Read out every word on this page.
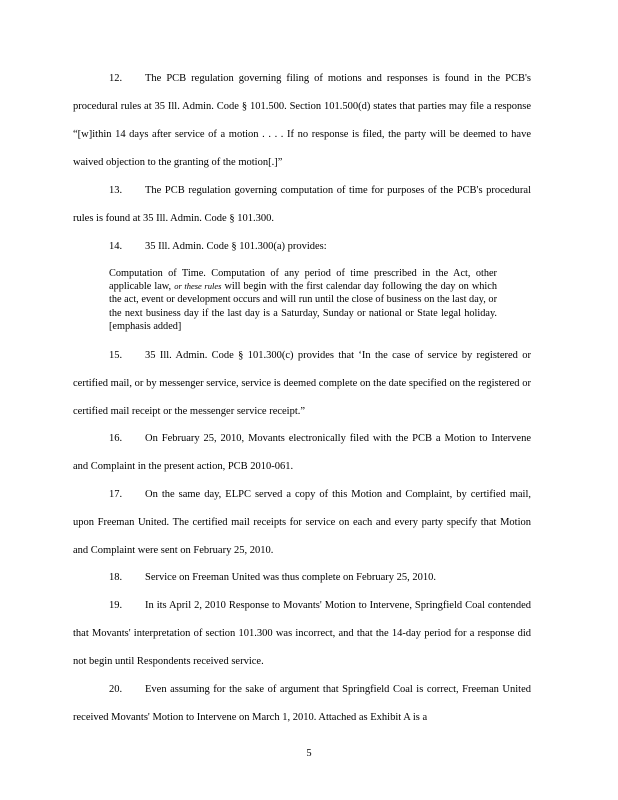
12. The PCB regulation governing filing of motions and responses is found in the PCB's procedural rules at 35 Ill. Admin. Code § 101.500. Section 101.500(d) states that parties may file a response “[w]ithin 14 days after service of a motion . . . . If no response is filed, the party will be deemed to have waived objection to the granting of the motion[.]”

13. The PCB regulation governing computation of time for purposes of the PCB's procedural rules is found at 35 Ill. Admin. Code § 101.300.

14. 35 Ill. Admin. Code § 101.300(a) provides:

Computation of Time. Computation of any period of time prescribed in the Act, other applicable law, or these rules will begin with the first calendar day following the day on which the act, event or development occurs and will run until the close of business on the last day, or the next business day if the last day is a Saturday, Sunday or national or State legal holiday. [emphasis added]

15. 35 Ill. Admin. Code § 101.300(c) provides that ‘In the case of service by registered or certified mail, or by messenger service, service is deemed complete on the date specified on the registered or certified mail receipt or the messenger service receipt.”

16. On February 25, 2010, Movants electronically filed with the PCB a Motion to Intervene and Complaint in the present action, PCB 2010-061.

17. On the same day, ELPC served a copy of this Motion and Complaint, by certified mail, upon Freeman United. The certified mail receipts for service on each and every party specify that Motion and Complaint were sent on February 25, 2010.

18. Service on Freeman United was thus complete on February 25, 2010.

19. In its April 2, 2010 Response to Movants' Motion to Intervene, Springfield Coal contended that Movants' interpretation of section 101.300 was incorrect, and that the 14-day period for a response did not begin until Respondents received service.

20. Even assuming for the sake of argument that Springfield Coal is correct, Freeman United received Movants' Motion to Intervene on March 1, 2010. Attached as Exhibit A is a

5
